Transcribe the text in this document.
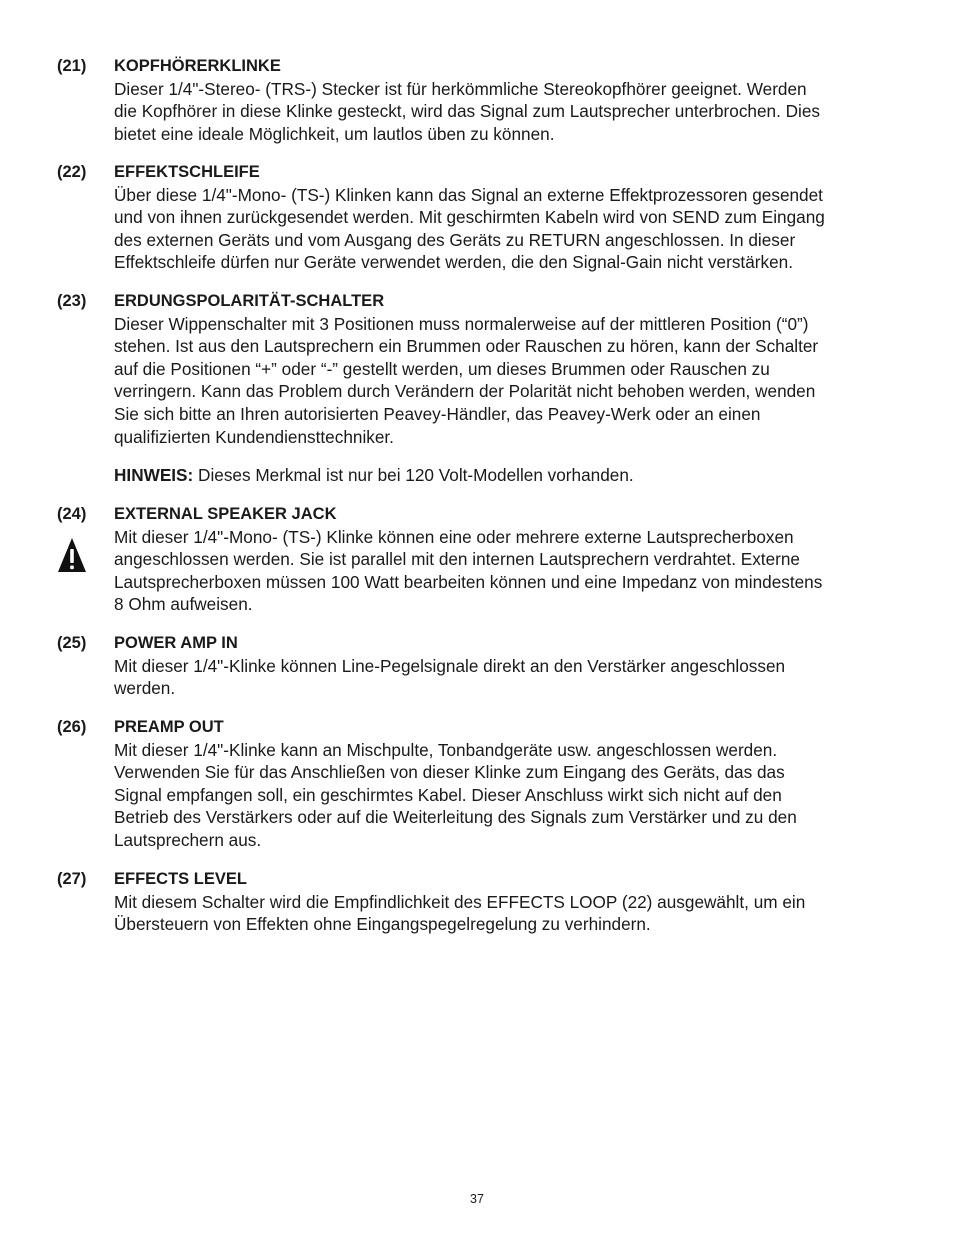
(21) KOPFHÖRERKLINKE
Dieser 1/4"-Stereo- (TRS-) Stecker ist für herkömmliche Stereokopfhörer geeignet. Werden
die Kopfhörer in diese Klinke gesteckt, wird das Signal zum Lautsprecher unterbrochen. Dies
bietet eine ideale Möglichkeit, um lautlos üben zu können.
(22) EFFEKTSCHLEIFE
Über diese 1/4"-Mono- (TS-) Klinken kann das Signal an externe Effektprozessoren gesendet
und von ihnen zurückgesendet werden. Mit geschirmten Kabeln wird von SEND zum Eingang
des externen Geräts und vom Ausgang des Geräts zu RETURN angeschlossen. In dieser
Effektschleife dürfen nur Geräte verwendet werden, die den Signal-Gain nicht verstärken.
(23) ERDUNGSPOLARITÄT-SCHALTER
Dieser Wippenschalter mit 3 Positionen muss normalerweise auf der mittleren Position (“0”)
stehen. Ist aus den Lautsprechern ein Brummen oder Rauschen zu hören, kann der Schalter
auf die Positionen “+” oder “-” gestellt werden, um dieses Brummen oder Rauschen zu
verringern. Kann das Problem durch Verändern der Polarität nicht behoben werden, wenden
Sie sich bitte an Ihren autorisierten Peavey-Händler, das Peavey-Werk oder an einen
qualifizierten Kundendiensttechniker.
HINWEIS: Dieses Merkmal ist nur bei 120 Volt-Modellen vorhanden.
(24) EXTERNAL SPEAKER JACK
Mit dieser 1/4"-Mono- (TS-) Klinke können eine oder mehrere externe Lautsprecherboxen
angeschlossen werden. Sie ist parallel mit den internen Lautsprechern verdrahtet. Externe
Lautsprecherboxen müssen 100 Watt bearbeiten können und eine Impedanz von mindestens
8 Ohm aufweisen.
(25) POWER AMP IN
Mit dieser 1/4"-Klinke können Line-Pegelsignale direkt an den Verstärker angeschlossen
werden.
(26) PREAMP OUT
Mit dieser 1/4"-Klinke kann an Mischpulte, Tonbandgeräte usw. angeschlossen werden.
Verwenden Sie für das Anschließen von dieser Klinke zum Eingang des Geräts, das das
Signal empfangen soll, ein geschirmtes Kabel. Dieser Anschluss wirkt sich nicht auf den
Betrieb des Verstärkers oder auf die Weiterleitung des Signals zum Verstärker und zu den
Lautsprechern aus.
(27) EFFECTS LEVEL
Mit diesem Schalter wird die Empfindlichkeit des EFFECTS LOOP (22) ausgewählt, um ein
Übersteuern von Effekten ohne Eingangspegelregelung zu verhindern.
37
